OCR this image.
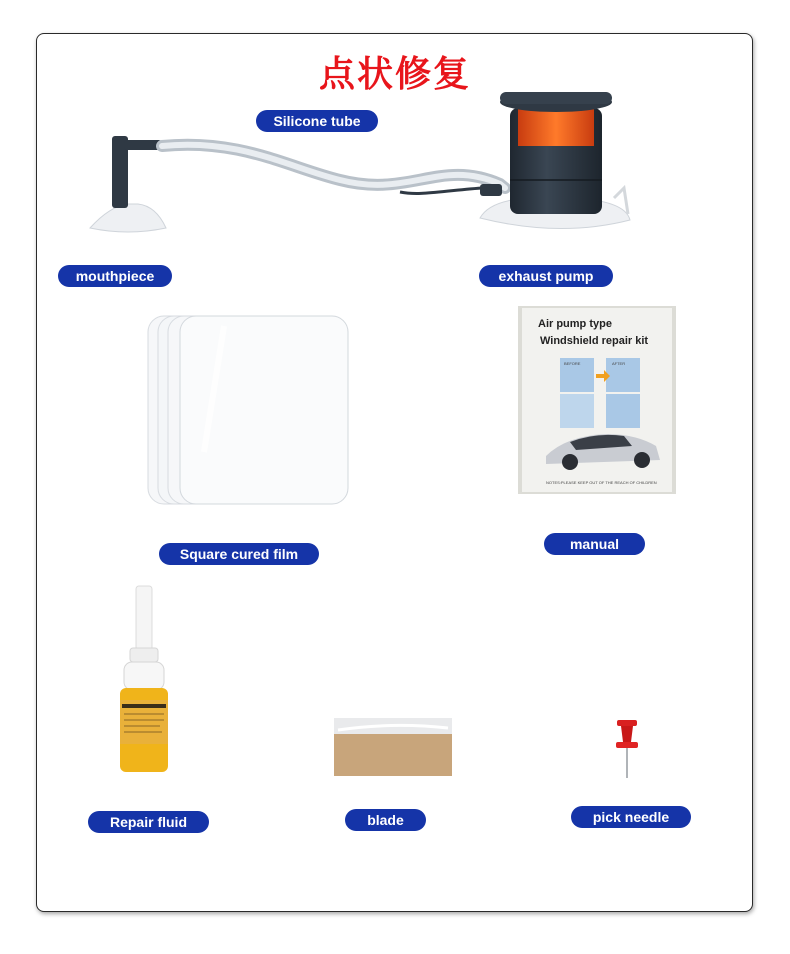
点状修复
Silicone tube
mouthpiece	exhaust pump
Square cured film
Air pump type
Windshield repair kit
BEFORE	AFTER
NOTES:PLEASE KEEP OUT OF THE REACH OF CHILDREN
manual
Repair fluid	blade	pick needle
